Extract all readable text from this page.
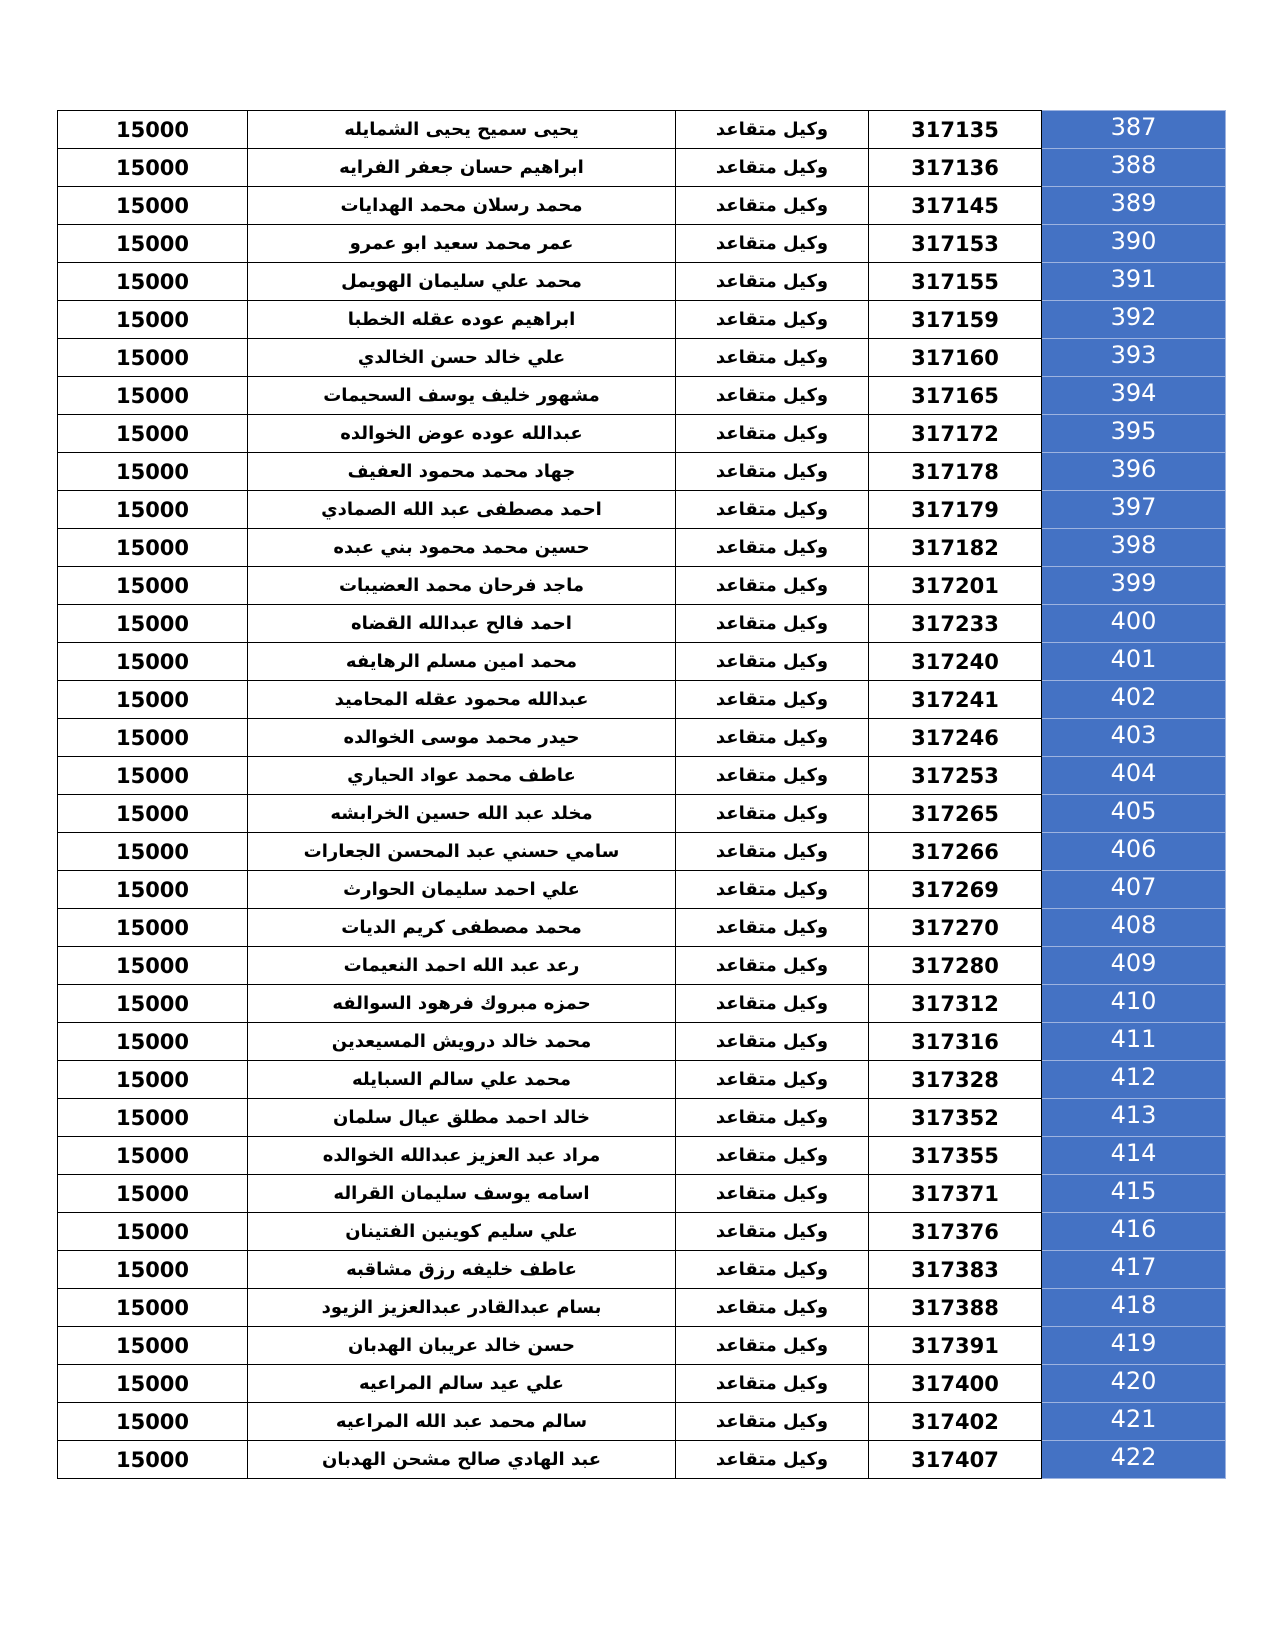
15000	يحيى سميح يحيى الشمايله	وكيل متقاعد	317135	387
15000	ابراهيم حسان جعفر الفرايه	وكيل متقاعد	317136	388
15000	محمد رسلان محمد الهدايات	وكيل متقاعد	317145	389
15000	عمر محمد سعيد ابو عمرو	وكيل متقاعد	317153	390
15000	محمد علي سليمان الهويمل	وكيل متقاعد	317155	391
15000	ابراهيم عوده عقله الخطبا	وكيل متقاعد	317159	392
15000	علي خالد حسن الخالدي	وكيل متقاعد	317160	393
15000	مشهور خليف يوسف السحيمات	وكيل متقاعد	317165	394
15000	عبدالله عوده عوض الخوالده	وكيل متقاعد	317172	395
15000	جهاد محمد محمود العفيف	وكيل متقاعد	317178	396
15000	احمد مصطفى عبد الله الصمادي	وكيل متقاعد	317179	397
15000	حسين محمد محمود بني عبده	وكيل متقاعد	317182	398
15000	ماجد فرحان محمد العضيبات	وكيل متقاعد	317201	399
15000	احمد فالح عبدالله القضاه	وكيل متقاعد	317233	400
15000	محمد امين مسلم الرهايفه	وكيل متقاعد	317240	401
15000	عبدالله محمود عقله المحاميد	وكيل متقاعد	317241	402
15000	حيدر محمد موسى الخوالده	وكيل متقاعد	317246	403
15000	عاطف محمد عواد الحياري	وكيل متقاعد	317253	404
15000	مخلد عبد الله حسين الخرابشه	وكيل متقاعد	317265	405
15000	سامي حسني عبد المحسن الجعارات	وكيل متقاعد	317266	406
15000	علي احمد سليمان الحوارث	وكيل متقاعد	317269	407
15000	محمد مصطفى كريم الديات	وكيل متقاعد	317270	408
15000	رعد عبد الله احمد النعيمات	وكيل متقاعد	317280	409
15000	حمزه مبروك فرهود السوالفه	وكيل متقاعد	317312	410
15000	محمد خالد درويش المسيعدين	وكيل متقاعد	317316	411
15000	محمد علي سالم السبايله	وكيل متقاعد	317328	412
15000	خالد احمد مطلق عيال سلمان	وكيل متقاعد	317352	413
15000	مراد عبد العزيز عبدالله الخوالده	وكيل متقاعد	317355	414
15000	اسامه يوسف سليمان القراله	وكيل متقاعد	317371	415
15000	علي سليم كوينين الفتينان	وكيل متقاعد	317376	416
15000	عاطف خليفه رزق مشاقبه	وكيل متقاعد	317383	417
15000	بسام عبدالقادر عبدالعزيز الزيود	وكيل متقاعد	317388	418
15000	حسن خالد عريبان الهدبان	وكيل متقاعد	317391	419
15000	علي عيد سالم المراعيه	وكيل متقاعد	317400	420
15000	سالم محمد عبد الله المراعيه	وكيل متقاعد	317402	421
15000	عبد الهادي صالح مشحن الهدبان	وكيل متقاعد	317407	422
